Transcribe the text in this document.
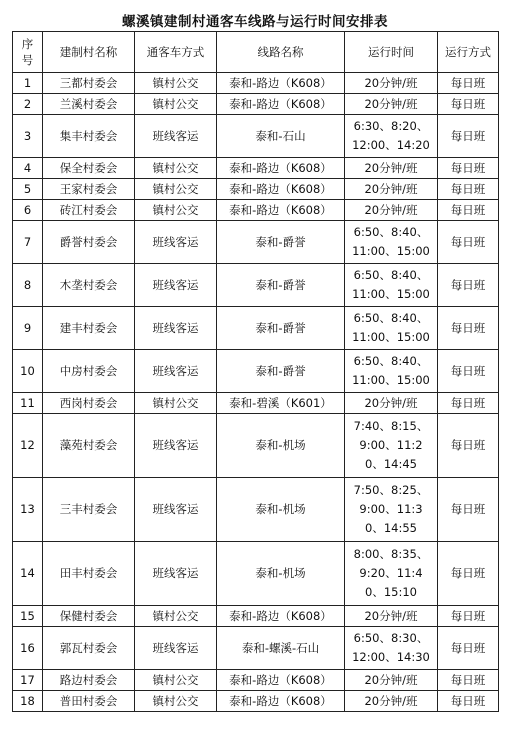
螺溪镇建制村通客车线路与运行时间安排表
序号	建制村名称	通客车方式	线路名称	运行时间	运行方式
1	三都村委会	镇村公交	泰和-路边（K608）	20分钟/班	每日班
2	兰溪村委会	镇村公交	泰和-路边（K608）	20分钟/班	每日班
3	集丰村委会	班线客运	泰和-石山	6:30、8:20、
12:00、14:20	每日班
4	保全村委会	镇村公交	泰和-路边（K608）	20分钟/班	每日班
5	王家村委会	镇村公交	泰和-路边（K608）	20分钟/班	每日班
6	砖江村委会	镇村公交	泰和-路边（K608）	20分钟/班	每日班
7	爵誉村委会	班线客运	泰和-爵誉	6:50、8:40、
11:00、15:00	每日班
8	木垄村委会	班线客运	泰和-爵誉	6:50、8:40、
11:00、15:00	每日班
9	建丰村委会	班线客运	泰和-爵誉	6:50、8:40、
11:00、15:00	每日班
10	中房村委会	班线客运	泰和-爵誉	6:50、8:40、
11:00、15:00	每日班
11	西岗村委会	镇村公交	泰和-碧溪（K601）	20分钟/班	每日班
12	藻苑村委会	班线客运	泰和-机场	7:40、8:15、
9:00、11:2
0、14:45	每日班
13	三丰村委会	班线客运	泰和-机场	7:50、8:25、
9:00、11:3
0、14:55	每日班
14	田丰村委会	班线客运	泰和-机场	8:00、8:35、
9:20、11:4
0、15:10	每日班
15	保健村委会	镇村公交	泰和-路边（K608）	20分钟/班	每日班
16	郭瓦村委会	班线客运	泰和-螺溪-石山	6:50、8:30、
12:00、14:30	每日班
17	路边村委会	镇村公交	泰和-路边（K608）	20分钟/班	每日班
18	普田村委会	镇村公交	泰和-路边（K608）	20分钟/班	每日班
